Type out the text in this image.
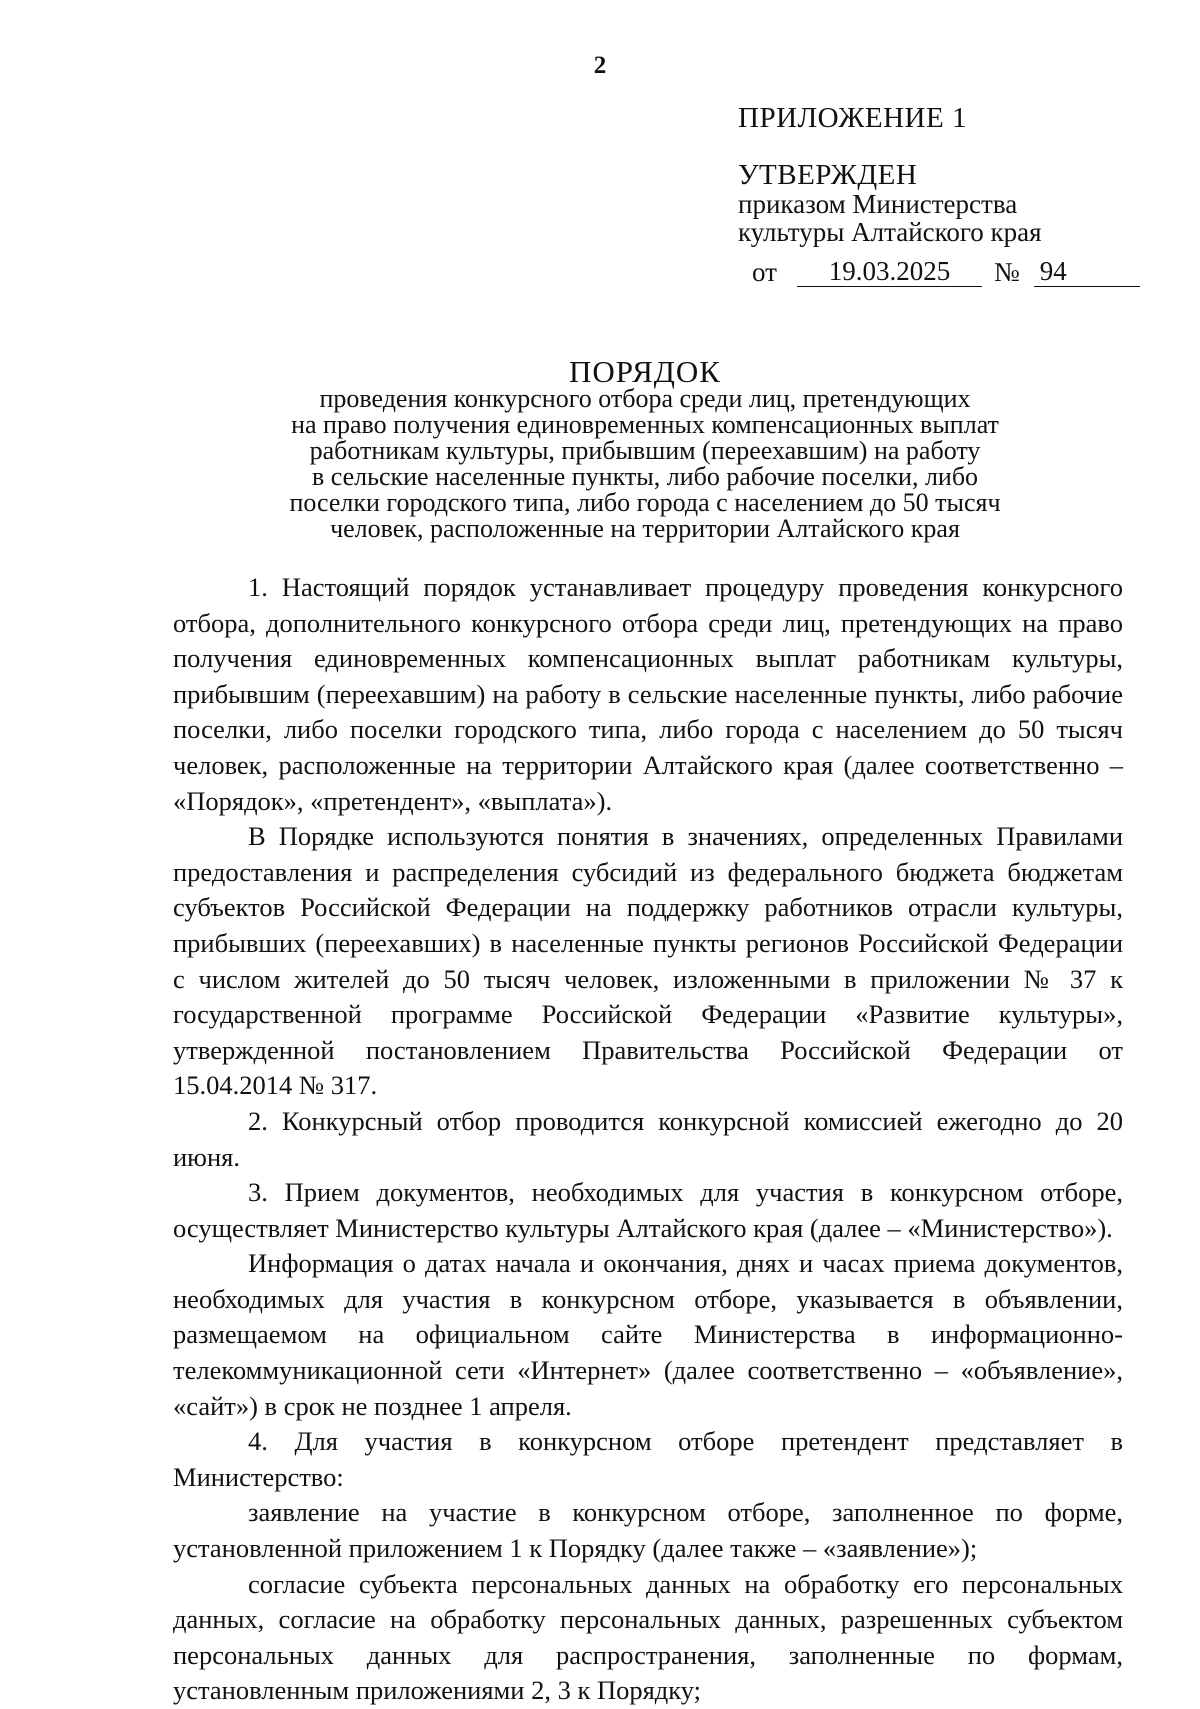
2
ПРИЛОЖЕНИЕ 1
УТВЕРЖДЕН
приказом Министерства
культуры Алтайского края
от	19.03.2025	№ 94
ПОРЯДОК
проведения конкурсного отбора среди лиц, претендующих
на право получения единовременных компенсационных выплат
работникам культуры, прибывшим (переехавшим) на работу
в сельские населенные пункты, либо рабочие поселки, либо
поселки городского типа, либо города с населением до 50 тысяч
человек, расположенные на территории Алтайского края

1. Настоящий порядок устанавливает процедуру проведения конкурсного отбора, дополнительного конкурсного отбора среди лиц, претендующих на право получения единовременных компенсационных выплат работникам культуры, прибывшим (переехавшим) на работу в сельские населенные пункты, либо рабочие поселки, либо поселки городского типа, либо города с населением до 50 тысяч человек, расположенные на территории Алтайского края (далее соответственно – «Порядок», «претендент», «выплата»).

В Порядке используются понятия в значениях, определенных Правилами предоставления и распределения субсидий из федерального бюджета бюджетам субъектов Российской Федерации на поддержку работников отрасли культуры, прибывших (переехавших) в населенные пункты регионов Российской Федерации с числом жителей до 50 тысяч человек, изложенными в приложении № 37 к государственной программе Российской Федерации «Развитие культуры», утвержденной постановлением Правительства Российской Федерации от 15.04.2014 № 317.

2. Конкурсный отбор проводится конкурсной комиссией ежегодно до 20 июня.

3. Прием документов, необходимых для участия в конкурсном отборе, осуществляет Министерство культуры Алтайского края (далее – «Министерство»).

Информация о датах начала и окончания, днях и часах приема документов, необходимых для участия в конкурсном отборе, указывается в объявлении, размещаемом на официальном сайте Министерства в информационно-телекоммуникационной сети «Интернет» (далее соответственно – «объявление», «сайт») в срок не позднее 1 апреля.

4. Для участия в конкурсном отборе претендент представляет в Министерство:

заявление на участие в конкурсном отборе, заполненное по форме, установленной приложением 1 к Порядку (далее также – «заявление»);

согласие субъекта персональных данных на обработку его персональных данных, согласие на обработку персональных данных, разрешенных субъектом персональных данных для распространения, заполненные по формам, установленным приложениями 2, 3 к Порядку;
